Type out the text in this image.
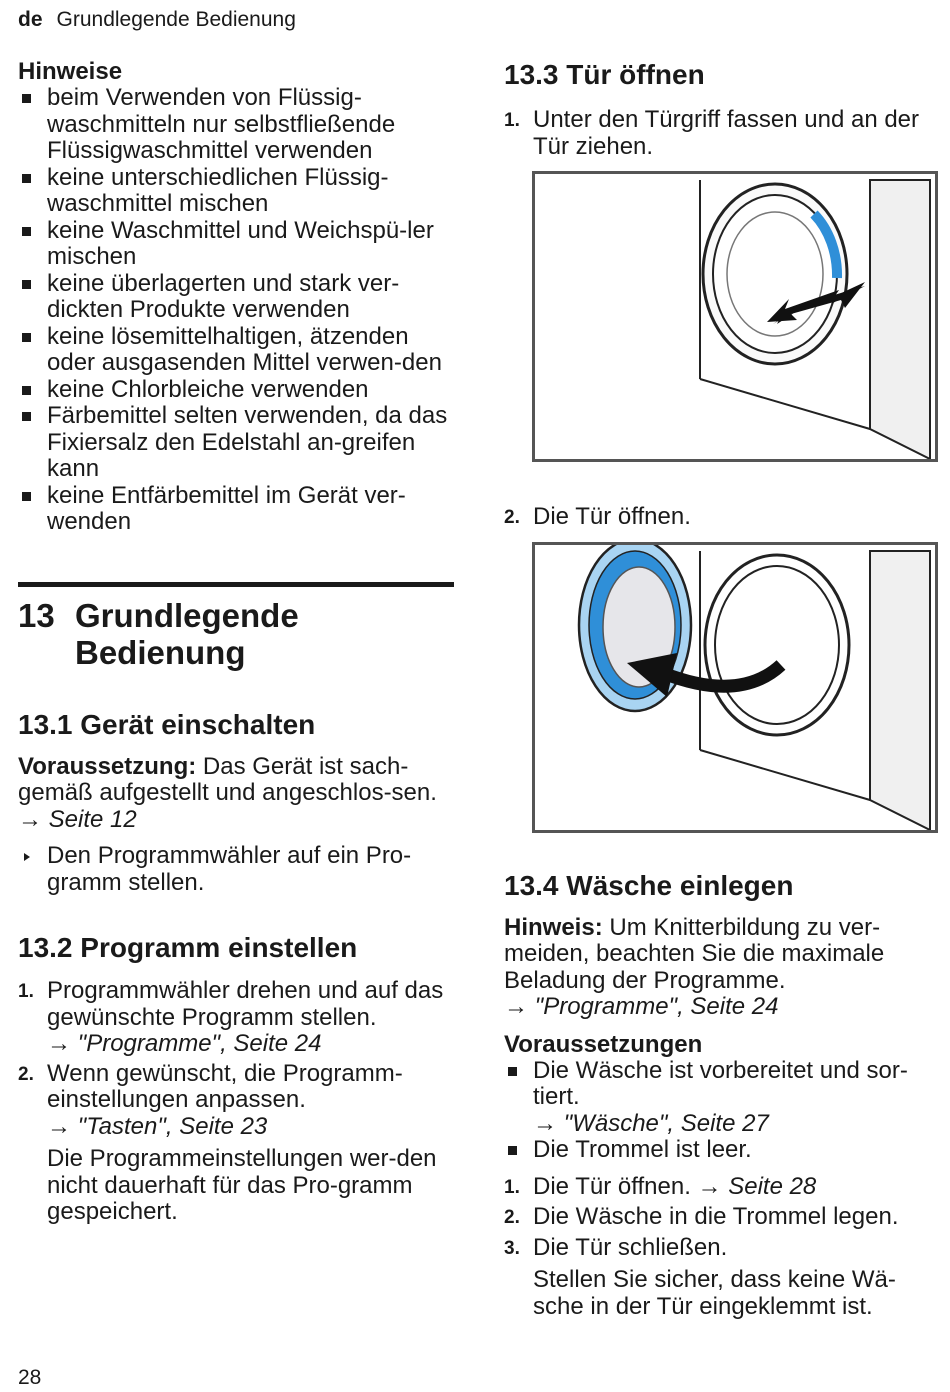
de Grundlegende Bedienung
Hinweise
beim Verwenden von Flüssig-waschmitteln nur selbstfließende Flüssigwaschmittel verwenden
keine unterschiedlichen Flüssig-waschmittel mischen
keine Waschmittel und Weichspü-ler mischen
keine überlagerten und stark ver-dickten Produkte verwenden
keine lösemittelhaltigen, ätzenden oder ausgasenden Mittel verwen-den
keine Chlorbleiche verwenden
Färbemittel selten verwenden, da das Fixiersalz den Edelstahl an-greifen kann
keine Entfärbemittel im Gerät ver-wenden
13 Grundlegende Bedienung
13.1 Gerät einschalten

Voraussetzung: Das Gerät ist sach-gemäß aufgestellt und angeschlos-sen. → Seite 12

Den Programmwähler auf ein Pro-gramm stellen.
13.2 Programm einstellen
1. Programmwähler drehen und auf das gewünschte Programm stellen.
→ "Programme", Seite 24
2. Wenn gewünscht, die Programm-einstellungen anpassen.
→ "Tasten", Seite 23

Die Programmeinstellungen wer-den nicht dauerhaft für das Pro-gramm gespeichert.

13.3 Tür öffnen
1. Unter den Türgriff fassen und an der Tür ziehen.
2. Die Tür öffnen.
13.4 Wäsche einlegen

Hinweis: Um Knitterbildung zu ver-meiden, beachten Sie die maximale Beladung der Programme.
→ "Programme", Seite 24

Voraussetzungen
Die Wäsche ist vorbereitet und sor-tiert.
→ "Wäsche", Seite 27
Die Trommel ist leer.
1. Die Tür öffnen. → Seite 28
2. Die Wäsche in die Trommel legen.
3. Die Tür schließen.

Stellen Sie sicher, dass keine Wä-sche in der Tür eingeklemmt ist.

28
